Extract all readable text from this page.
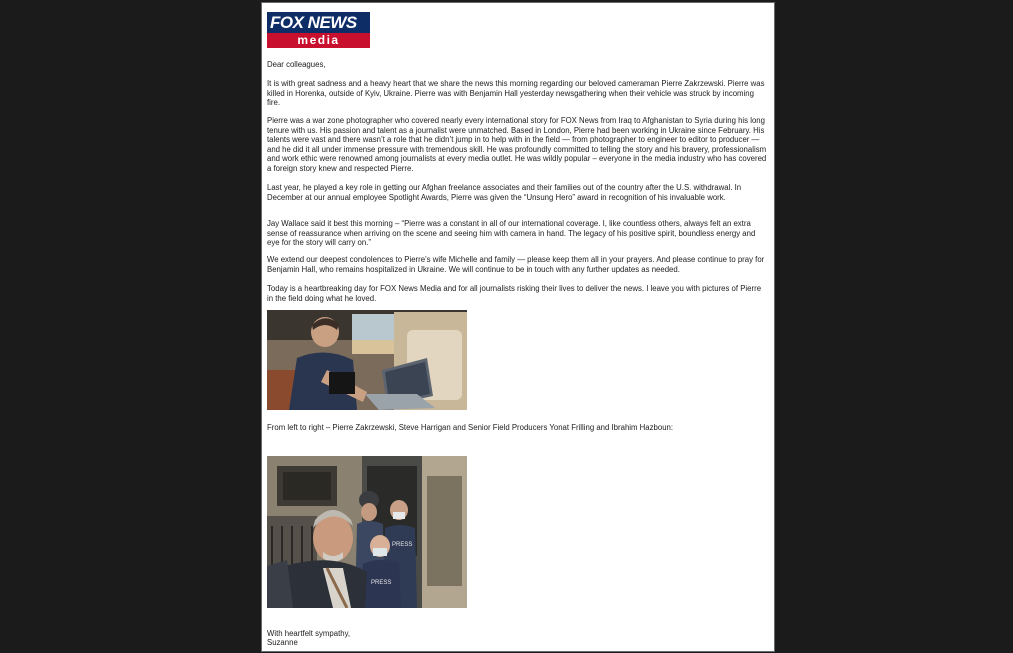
FOX NEWS
media

Dear colleagues,

It is with great sadness and a heavy heart that we share the news this morning regarding our beloved cameraman Pierre Zakrzewski. Pierre was killed in Horenka, outside of Kyiv, Ukraine. Pierre was with Benjamin Hall yesterday newsgathering when their vehicle was struck by incoming fire.

Pierre was a war zone photographer who covered nearly every international story for FOX News from Iraq to Afghanistan to Syria during his long tenure with us. His passion and talent as a journalist were unmatched. Based in London, Pierre had been working in Ukraine since February. His talents were vast and there wasn’t a role that he didn’t jump in to help with in the field — from photographer to engineer to editor to producer — and he did it all under immense pressure with tremendous skill. He was profoundly committed to telling the story and his bravery, professionalism and work ethic were renowned among journalists at every media outlet. He was wildly popular – everyone in the media industry who has covered a foreign story knew and respected Pierre.

Last year, he played a key role in getting our Afghan freelance associates and their families out of the country after the U.S. withdrawal. In December at our annual employee Spotlight Awards, Pierre was given the “Unsung Hero” award in recognition of his invaluable work.

Jay Wallace said it best this morning – “Pierre was a constant in all of our international coverage. I, like countless others, always felt an extra sense of reassurance when arriving on the scene and seeing him with camera in hand. The legacy of his positive spirit, boundless energy and eye for the story will carry on.”

We extend our deepest condolences to Pierre’s wife Michelle and family — please keep them all in your prayers. And please continue to pray for Benjamin Hall, who remains hospitalized in Ukraine. We will continue to be in touch with any further updates as needed.

Today is a heartbreaking day for FOX News Media and for all journalists risking their lives to deliver the news. I leave you with pictures of Pierre in the field doing what he loved.

From left to right – Pierre Zakrzewski, Steve Harrigan and Senior Field Producers Yonat Frilling and Ibrahim Hazboun:

PRESS
PRESS

With heartfelt sympathy,

Suzanne
